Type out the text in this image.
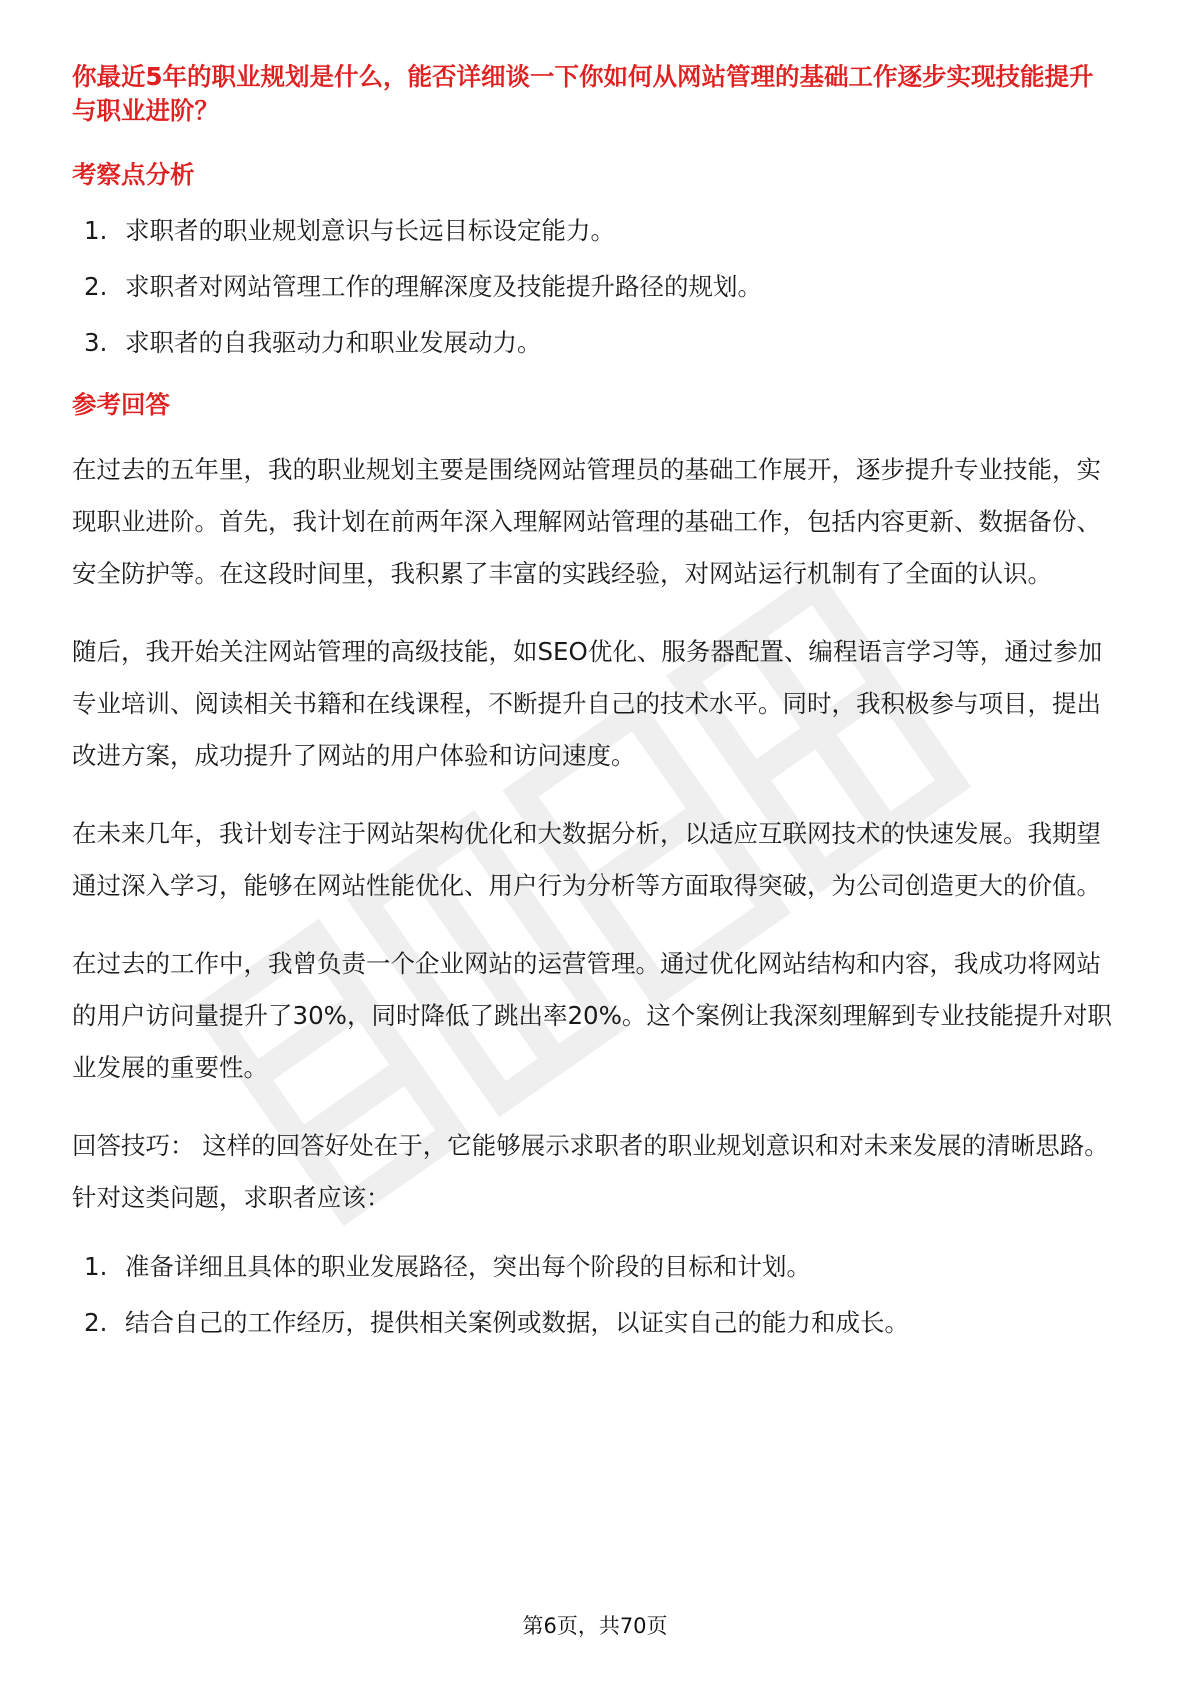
你最近5年的职业规划是什么，能否详细谈一下你如何从网站管理的基础工作逐步实现技能提升与职业进阶？
考察点分析
1. 求职者的职业规划意识与长远目标设定能力。
2. 求职者对网站管理工作的理解深度及技能提升路径的规划。
3. 求职者的自我驱动力和职业发展动力。
参考回答

在过去的五年里，我的职业规划主要是围绕网站管理员的基础工作展开，逐步提升专业技能，实现职业进阶。首先，我计划在前两年深入理解网站管理的基础工作，包括内容更新、数据备份、安全防护等。在这段时间里，我积累了丰富的实践经验，对网站运行机制有了全面的认识。

随后，我开始关注网站管理的高级技能，如SEO优化、服务器配置、编程语言学习等，通过参加专业培训、阅读相关书籍和在线课程，不断提升自己的技术水平。同时，我积极参与项目，提出改进方案，成功提升了网站的用户体验和访问速度。

在未来几年，我计划专注于网站架构优化和大数据分析，以适应互联网技术的快速发展。我期望通过深入学习，能够在网站性能优化、用户行为分析等方面取得突破，为公司创造更大的价值。

在过去的工作中，我曾负责一个企业网站的运营管理。通过优化网站结构和内容，我成功将网站的用户访问量提升了30%，同时降低了跳出率20%。这个案例让我深刻理解到专业技能提升对职业发展的重要性。

回答技巧： 这样的回答好处在于，它能够展示求职者的职业规划意识和对未来发展的清晰思路。针对这类问题，求职者应该：

1. 准备详细且具体的职业发展路径，突出每个阶段的目标和计划。
2. 结合自己的工作经历，提供相关案例或数据，以证实自己的能力和成长。
第6页，共70页
